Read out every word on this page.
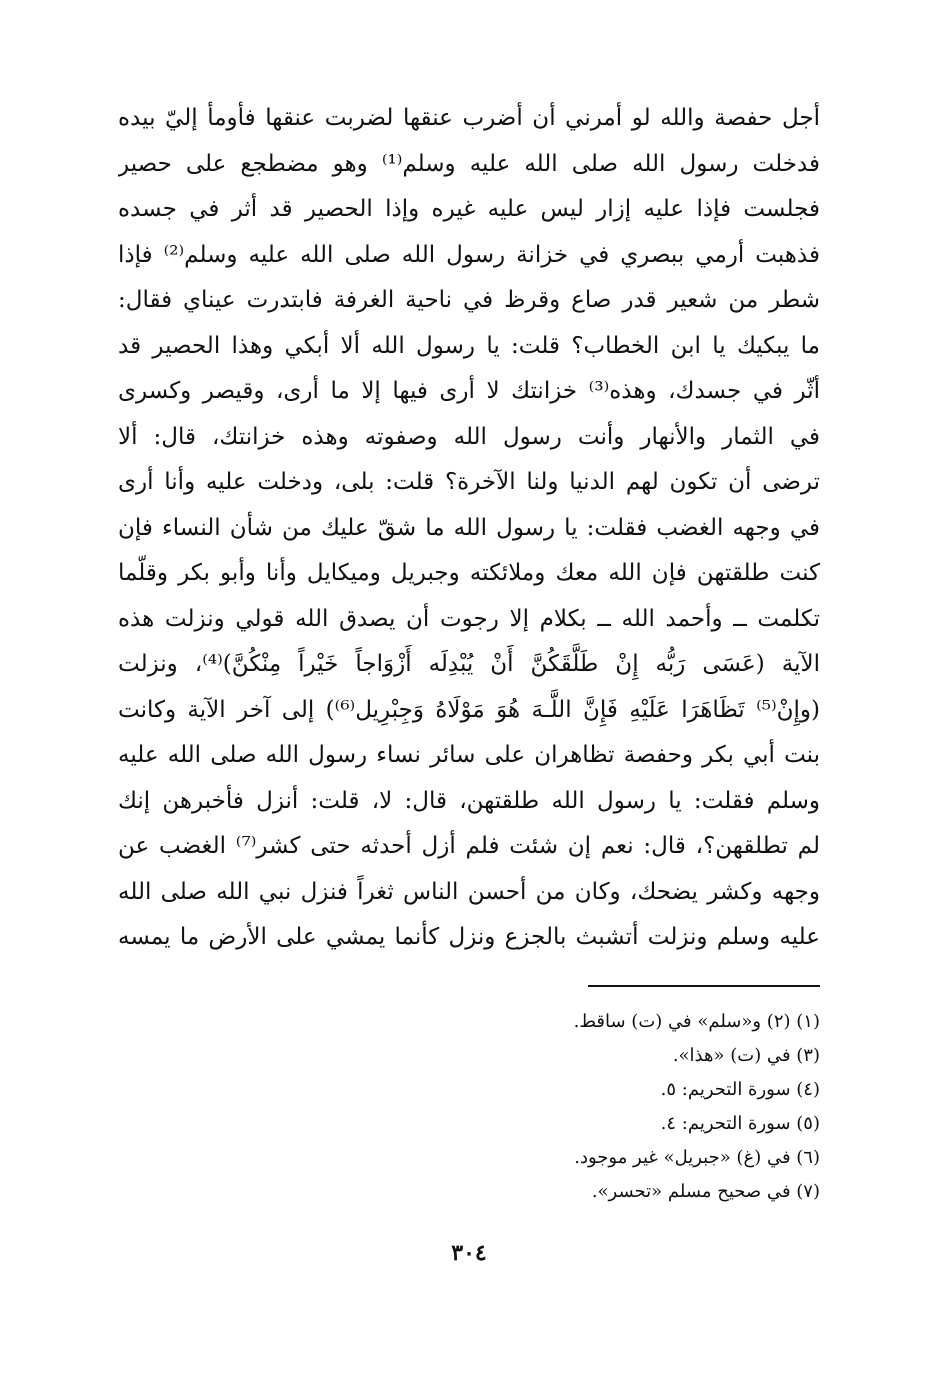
أجل حفصة والله لو أمرني أن أضرب عنقها لضربت عنقها فأومأ إليّ بيده
فدخلت رسول الله صلى الله عليه وسلم⁽¹⁾ وهو مضطجع على حصير
فجلست فإذا عليه إزار ليس عليه غيره وإذا الحصير قد أثر في جسده
فذهبت أرمي ببصري في خزانة رسول الله صلى الله عليه وسلم⁽²⁾ فإذا
شطر من شعير قدر صاع وقرظ في ناحية الغرفة فابتدرت عيناي فقال:
ما يبكيك يا ابن الخطاب؟ قلت: يا رسول الله ألا أبكي وهذا الحصير قد
أثّر في جسدك، وهذه⁽³⁾ خزانتك لا أرى فيها إلا ما أرى، وقيصر وكسرى
في الثمار والأنهار وأنت رسول الله وصفوته وهذه خزانتك، قال: ألا
ترضى أن تكون لهم الدنيا ولنا الآخرة؟ قلت: بلى، ودخلت عليه وأنا أرى
في وجهه الغضب فقلت: يا رسول الله ما شقّ عليك من شأن النساء فإن
كنت طلقتهن فإن الله معك وملائكته وجبريل وميكايل وأنا وأبو بكر وقلّما
تكلمت ــ وأحمد الله ــ بكلام إلا رجوت أن يصدق الله قولي ونزلت هذه
الآية (عَسَى رَبُّه إِنْ طَلَّقَكُنَّ أَنْ يُبْدِلَه أَزْوَاجاً خَيْراً مِنْكُنَّ)⁽⁴⁾، ونزلت
(وإِنْ⁽⁵⁾ تَظَاهَرَا عَلَيْهِ فَإِنَّ اللَّـهَ هُوَ مَوْلَاهُ وَجِبْرِيل⁽⁶⁾) إلى آخر الآية وكانت
بنت أبي بكر وحفصة تظاهران على سائر نساء رسول الله صلى الله عليه
وسلم فقلت: يا رسول الله طلقتهن، قال: لا، قلت: أنزل فأخبرهن إنك
لم تطلقهن؟، قال: نعم إن شئت فلم أزل أحدثه حتى كشر⁽⁷⁾ الغضب عن
وجهه وكشر يضحك، وكان من أحسن الناس ثغراً فنزل نبي الله صلى الله
عليه وسلم ونزلت أتشبث بالجزع ونزل كأنما يمشي على الأرض ما يمسه
(١) (٢) و«سلم» في (ت) ساقط.
(٣) في (ت) «هذا».
(٤) سورة التحريم: ٥.
(٥) سورة التحريم: ٤.
(٦) في (غ) «جبريل» غير موجود.
(٧) في صحيح مسلم «تحسر».
٣٠٤
